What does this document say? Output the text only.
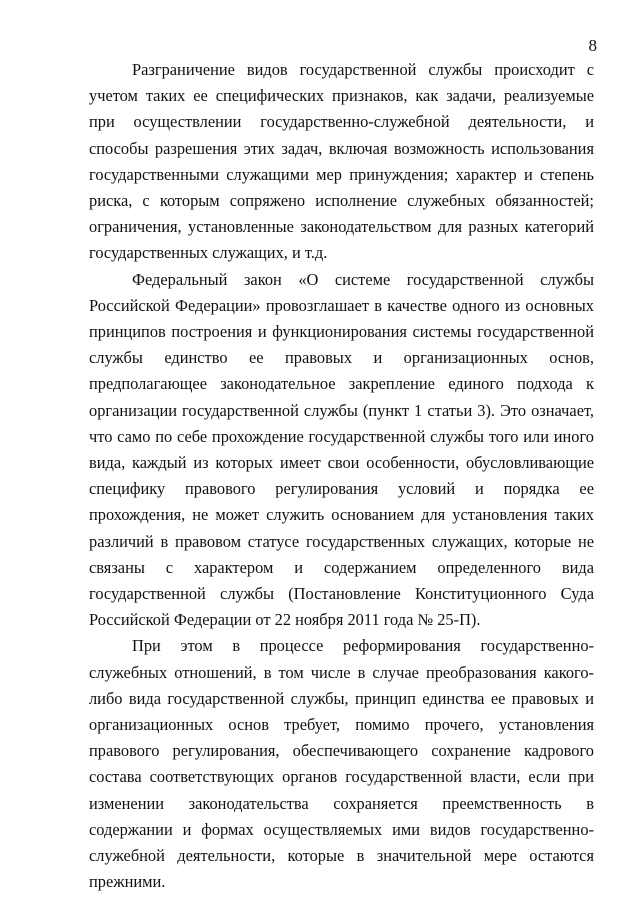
8

Разграничение видов государственной службы происходит с учетом таких ее специфических признаков, как задачи, реализуемые при осуществлении государственно-служебной деятельности, и способы разрешения этих задач, включая возможность использования государственными служащими мер принуждения; характер и степень риска, с которым сопряжено исполнение служебных обязанностей; ограничения, установленные законодательством для разных категорий государственных служащих, и т.д.

Федеральный закон «О системе государственной службы Российской Федерации» провозглашает в качестве одного из основных принципов построения и функционирования системы государственной службы единство ее правовых и организационных основ, предполагающее законодательное закрепление единого подхода к организации государственной службы (пункт 1 статьи 3). Это означает, что само по себе прохождение государственной службы того или иного вида, каждый из которых имеет свои особенности, обусловливающие специфику правового регулирования условий и порядка ее прохождения, не может служить основанием для установления таких различий в правовом статусе государственных служащих, которые не связаны с характером и содержанием определенного вида государственной службы (Постановление Конституционного Суда Российской Федерации от 22 ноября 2011 года № 25-П).

При этом в процессе реформирования государственно-служебных отношений, в том числе в случае преобразования какого-либо вида государственной службы, принцип единства ее правовых и организационных основ требует, помимо прочего, установления правового регулирования, обеспечивающего сохранение кадрового состава соответствующих органов государственной власти, если при изменении законодательства сохраняется преемственность в содержании и формах осуществляемых ими видов государственно-служебной деятельности, которые в значительной мере остаются прежними.
